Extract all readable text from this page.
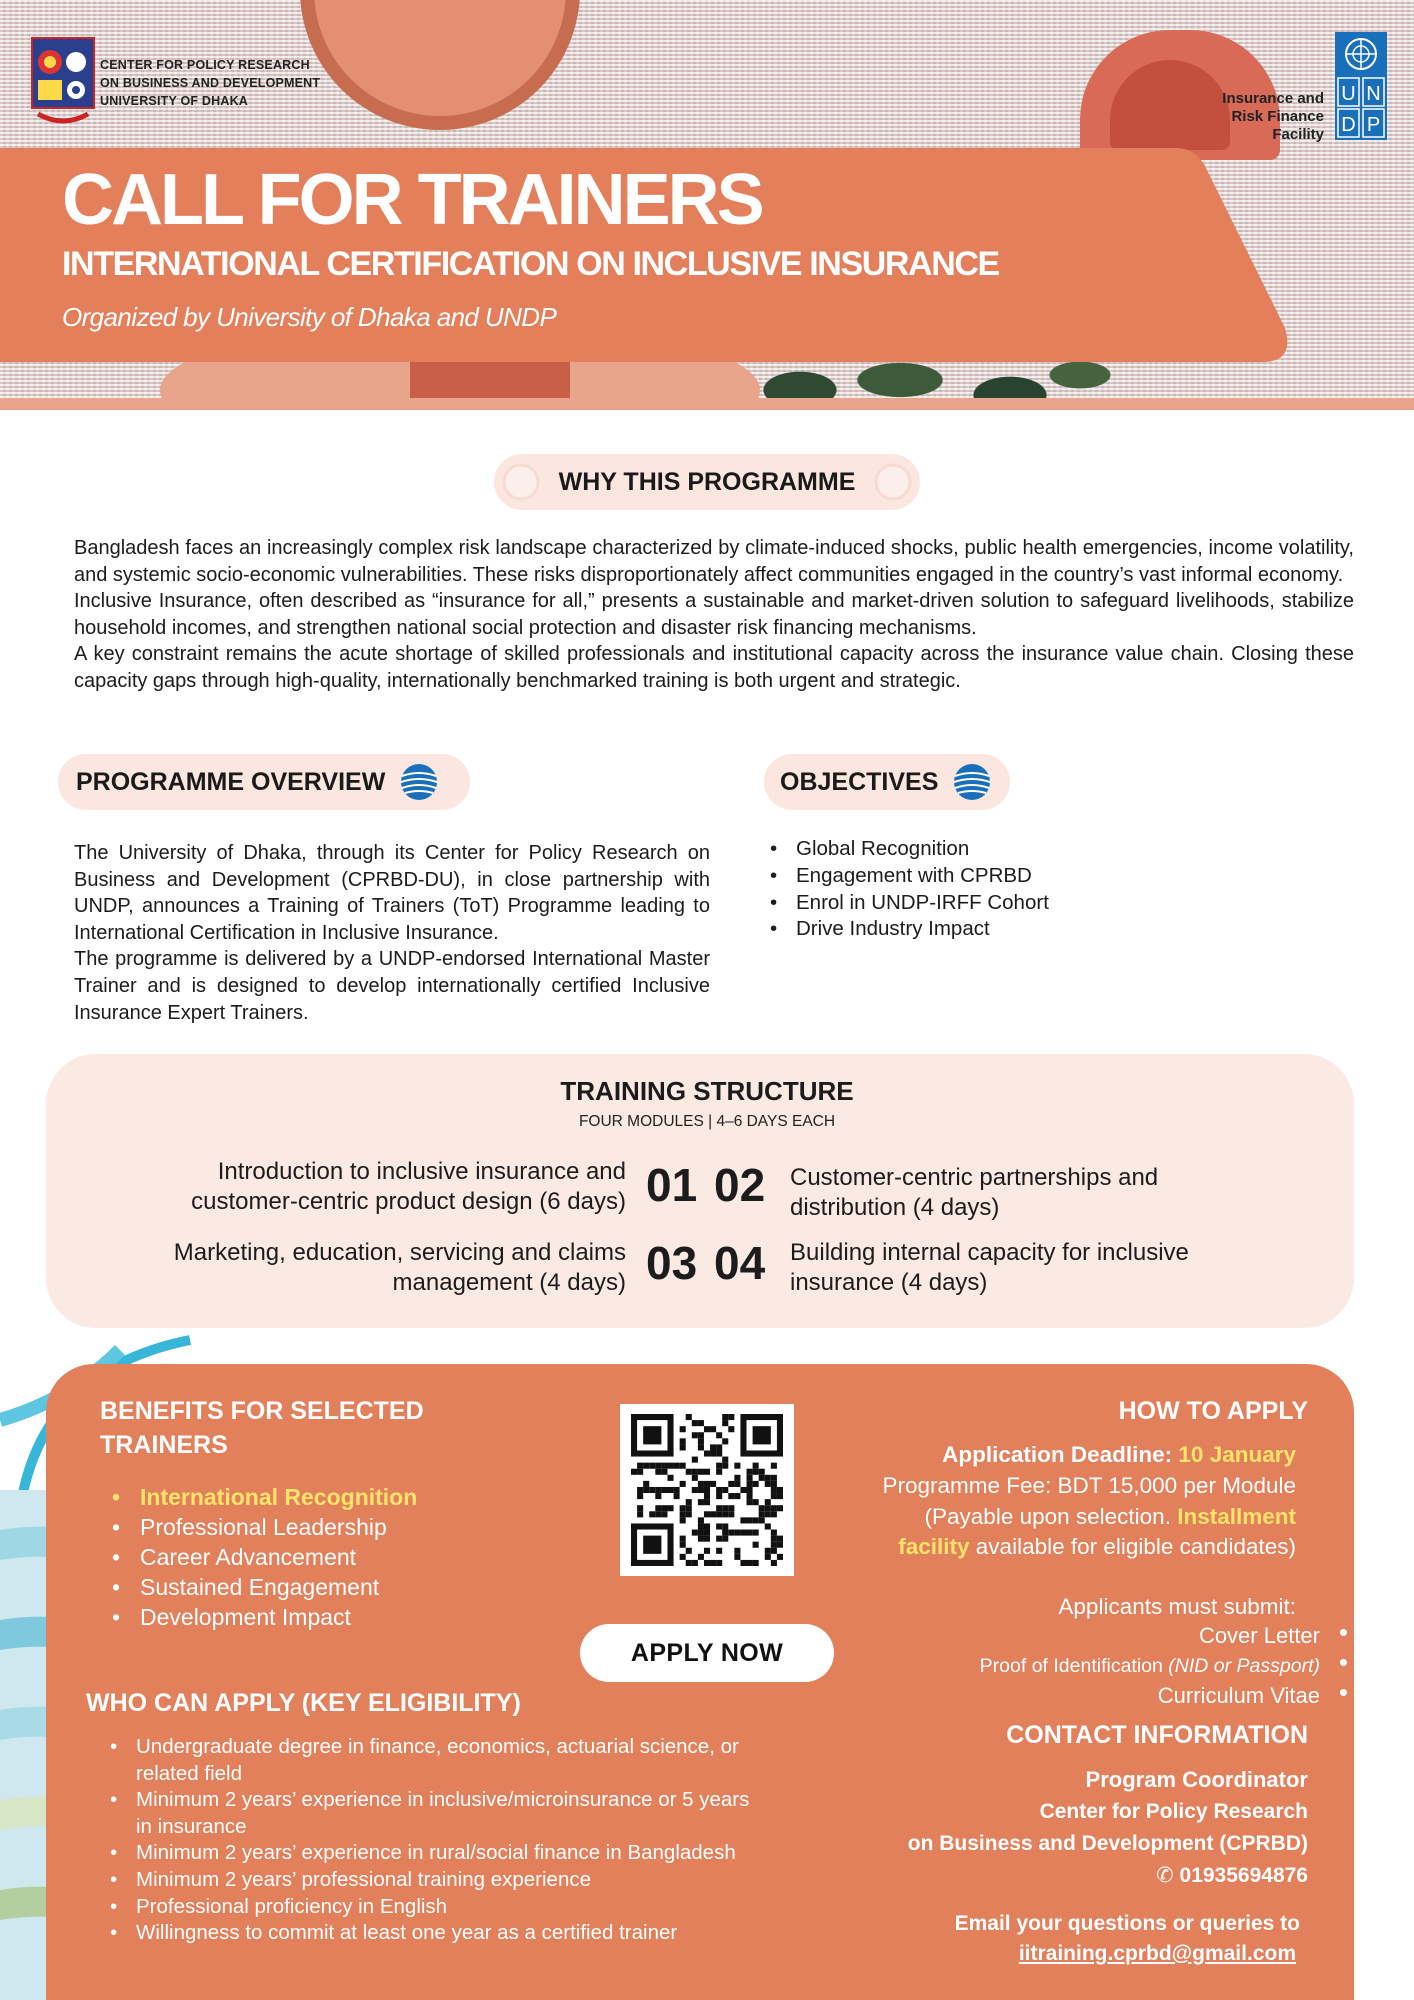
CENTER FOR POLICY RESEARCH
ON BUSINESS AND DEVELOPMENT
UNIVERSITY OF DHAKA	Insurance and
Risk Finance
Facility
U N
D P
CALL FOR TRAINERS
INTERNATIONAL CERTIFICATION ON INCLUSIVE INSURANCE
Organized by University of Dhaka and UNDP
WHY THIS PROGRAMME

Bangladesh faces an increasingly complex risk landscape characterized by climate-induced shocks, public health emergencies, income volatility, and systemic socio-economic vulnerabilities. These risks disproportionately affect communities engaged in the country’s vast informal economy.

Inclusive Insurance, often described as “insurance for all,” presents a sustainable and market-driven solution to safeguard livelihoods, stabilize household incomes, and strengthen national social protection and disaster risk financing mechanisms.

A key constraint remains the acute shortage of skilled professionals and institutional capacity across the insurance value chain. Closing these capacity gaps through high-quality, internationally benchmarked training is both urgent and strategic.

PROGRAMME OVERVIEW

The University of Dhaka, through its Center for Policy Research on Business and Development (CPRBD-DU), in close partnership with UNDP, announces a Training of Trainers (ToT) Programme leading to International Certification in Inclusive Insurance.

The programme is delivered by a UNDP-endorsed International Master Trainer and is designed to develop internationally certified Inclusive Insurance Expert Trainers.

OBJECTIVES
• Global Recognition
• Engagement with CPRBD
• Enrol in UNDP-IRFF Cohort
• Drive Industry Impact
TRAINING STRUCTURE
FOUR MODULES | 4–6 DAYS EACH
Introduction to inclusive insurance and
customer-centric product design (6 days) 01 02 Customer-centric partnerships and
distribution (4 days)
Marketing, education, servicing and claims
management (4 days) 03 04 Building internal capacity for inclusive
insurance (4 days)
BENEFITS FOR SELECTED
TRAINERS
• International Recognition
• Professional Leadership
• Career Advancement
• Sustained Engagement
• Development Impact
WHO CAN APPLY (KEY ELIGIBILITY)
• Undergraduate degree in finance, economics, actuarial science, or related field
• Minimum 2 years’ experience in inclusive/microinsurance or 5 years in insurance
• Minimum 2 years’ experience in rural/social finance in Bangladesh
• Minimum 2 years’ professional training experience
• Professional proficiency in English
• Willingness to commit at least one year as a certified trainer
APPLY NOW
HOW TO APPLY
Application Deadline: 10 January
Programme Fee: BDT 15,000 per Module
(Payable upon selection. Installment
facility available for eligible candidates)
Applicants must submit:
Cover Letter •
Proof of Identification (NID or Passport) •
Curriculum Vitae •
CONTACT INFORMATION
Program Coordinator
Center for Policy Research
on Business and Development (CPRBD)
✆ 01935694876
Email your questions or queries to
iitraining.cprbd@gmail.com
